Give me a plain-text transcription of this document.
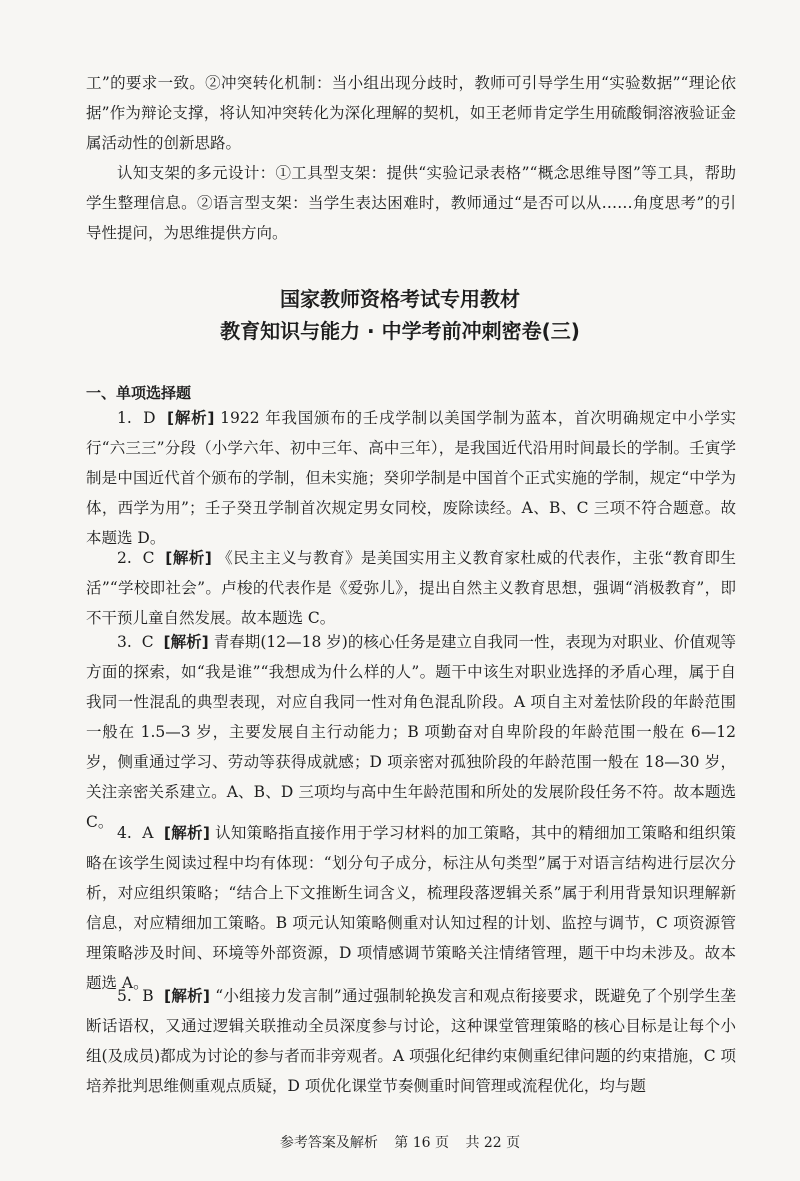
工”的要求一致。②冲突转化机制：当小组出现分歧时，教师可引导学生用“实验数据”“理论依据”作为辩论支撑，将认知冲突转化为深化理解的契机，如王老师肯定学生用硫酸铜溶液验证金属活动性的创新思路。

认知支架的多元设计：①工具型支架：提供“实验记录表格”“概念思维导图”等工具，帮助学生整理信息。②语言型支架：当学生表达困难时，教师通过“是否可以从……角度思考”的引导性提问，为思维提供方向。

国家教师资格考试专用教材
教育知识与能力 · 中学考前冲刺密卷(三)
一、单项选择题

1. D [解析] 1922 年我国颁布的壬戌学制以美国学制为蓝本，首次明确规定中小学实行“六三三”分段（小学六年、初中三年、高中三年），是我国近代沿用时间最长的学制。壬寅学制是中国近代首个颁布的学制，但未实施；癸卯学制是中国首个正式实施的学制，规定“中学为体，西学为用”；壬子癸丑学制首次规定男女同校，废除读经。A、B、C 三项不符合题意。故本题选 D。

2. C [解析] 《民主主义与教育》是美国实用主义教育家杜威的代表作，主张“教育即生活”“学校即社会”。卢梭的代表作是《爱弥儿》，提出自然主义教育思想，强调“消极教育”，即不干预儿童自然发展。故本题选 C。

3. C [解析] 青春期(12—18 岁)的核心任务是建立自我同一性，表现为对职业、价值观等方面的探索，如“我是谁”“我想成为什么样的人”。题干中该生对职业选择的矛盾心理，属于自我同一性混乱的典型表现，对应自我同一性对角色混乱阶段。A 项自主对羞怯阶段的年龄范围一般在 1.5—3 岁，主要发展自主行动能力；B 项勤奋对自卑阶段的年龄范围一般在 6—12 岁，侧重通过学习、劳动等获得成就感；D 项亲密对孤独阶段的年龄范围一般在 18—30 岁，关注亲密关系建立。A、B、D 三项均与高中生年龄范围和所处的发展阶段任务不符。故本题选 C。

4. A [解析] 认知策略指直接作用于学习材料的加工策略，其中的精细加工策略和组织策略在该学生阅读过程中均有体现：“划分句子成分，标注从句类型”属于对语言结构进行层次分析，对应组织策略；“结合上下文推断生词含义，梳理段落逻辑关系”属于利用背景知识理解新信息，对应精细加工策略。B 项元认知策略侧重对认知过程的计划、监控与调节，C 项资源管理策略涉及时间、环境等外部资源，D 项情感调节策略关注情绪管理，题干中均未涉及。故本题选 A。

5. B [解析] “小组接力发言制”通过强制轮换发言和观点衔接要求，既避免了个别学生垄断话语权，又通过逻辑关联推动全员深度参与讨论，这种课堂管理策略的核心目标是让每个小组(及成员)都成为讨论的参与者而非旁观者。A 项强化纪律约束侧重纪律问题的约束措施，C 项培养批判思维侧重观点质疑，D 项优化课堂节奏侧重时间管理或流程优化，均与题

参考答案及解析 第 16 页 共 22 页
